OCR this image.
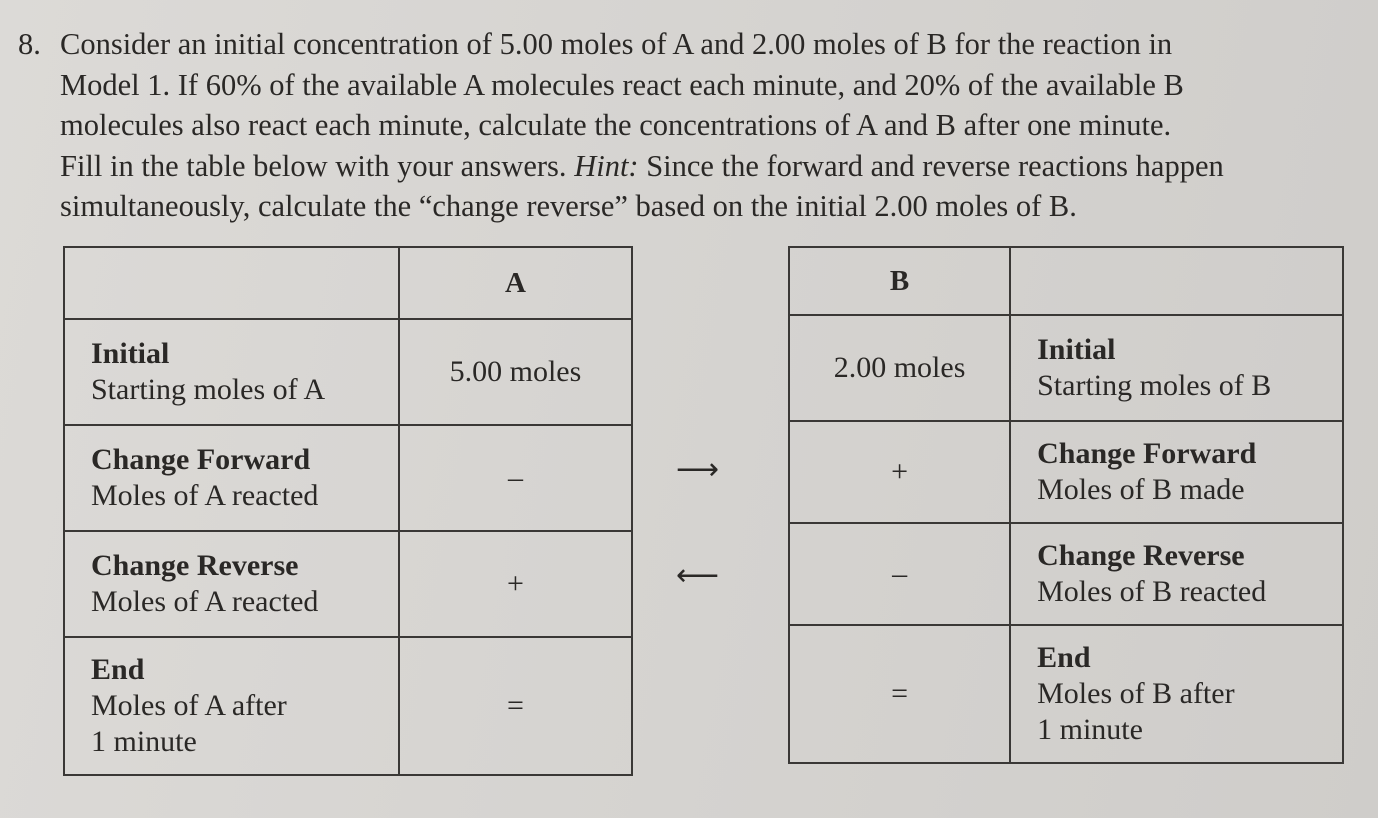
8. Consider an initial concentration of 5.00 moles of A and 2.00 moles of B for the reaction in
Model 1. If 60% of the available A molecules react each minute, and 20% of the available B
molecules also react each minute, calculate the concentrations of A and B after one minute.
Fill in the table below with your answers. Hint: Since the forward and reverse reactions happen
simultaneously, calculate the “change reverse” based on the initial 2.00 moles of B.
	A

Initial
Starting moles of A	5.00 moles

Change Forward
Moles of A reacted	–

Change Reverse
Moles of A reacted	+

End
Moles of A after
1 minute	=
⟶
⟵
B	
2.00 moles	Initial
Starting moles of B

+	Change Forward
Moles of B made

–	Change Reverse
Moles of B reacted

=	End
Moles of B after
1 minute
